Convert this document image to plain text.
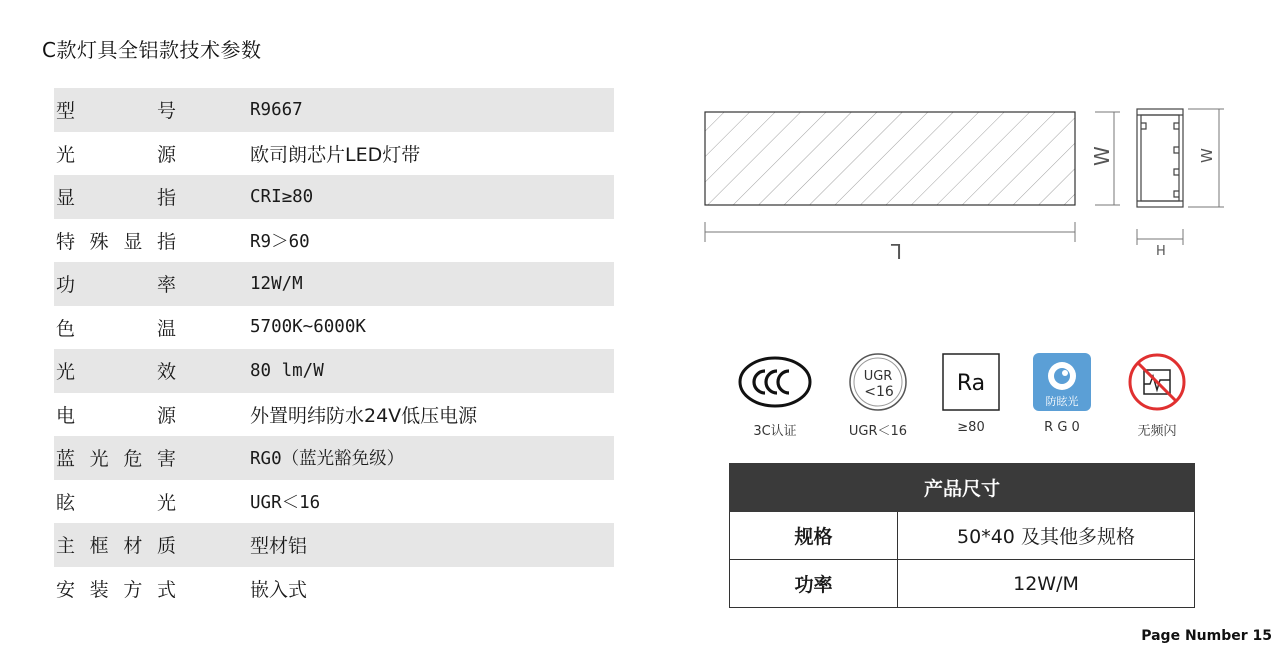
C款灯具全铝款技术参数
型	号	R9667
光	源	欧司朗芯片LED灯带
显	指	CRI≥80
特 殊 显 指	R9＞60
功	率	12W/M
色	温	5700K~6000K
光	效	80 lm/W
电	源	外置明纬防水24V低压电源
蓝 光 危 害	RG0（蓝光豁免级）
眩	光	UGR＜16
主 框 材 质	型材铝
安 装 方 式	嵌入式
L
W	W
H
3C认证
UGR
<16
UGR＜16
Ra
≥80
防眩光
R G 0	无频闪
产品尺寸	
规格	50*40 及其他多规格
功率	12W/M
Page Number 15
